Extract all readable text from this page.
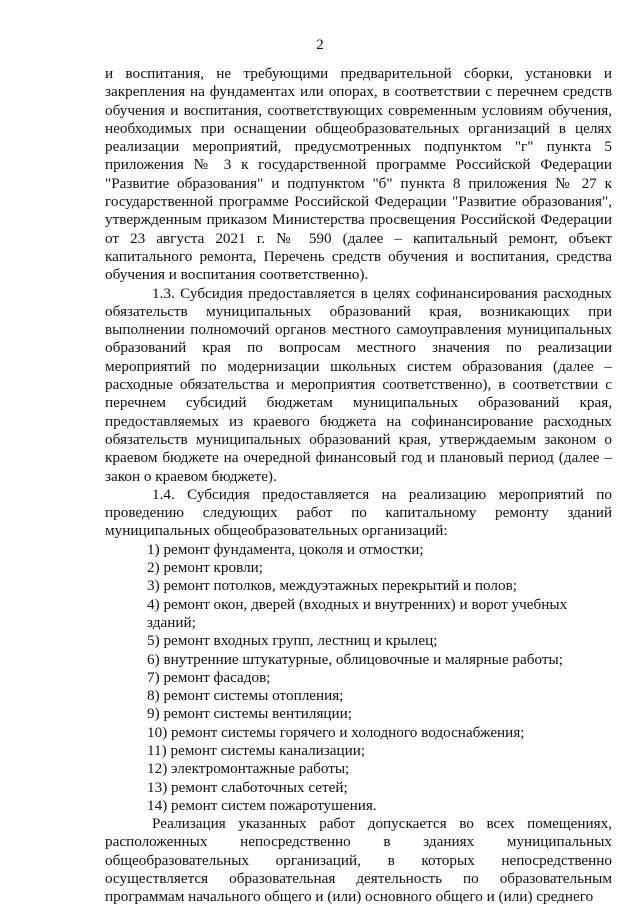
2

и воспитания, не требующими предварительной сборки, установки и закрепления на фундаментах или опорах, в соответствии с перечнем средств обучения и воспитания, соответствующих современным условиям обучения, необходимых при оснащении общеобразовательных организаций в целях реализации мероприятий, предусмотренных подпунктом "г" пункта 5 приложения № 3 к государственной программе Российской Федерации "Развитие образования" и подпунктом "б" пункта 8 приложения № 27 к государственной программе Российской Федерации "Развитие образования", утвержденным приказом Министерства просвещения Российской Федерации от 23 августа 2021 г. № 590 (далее – капитальный ремонт, объект капитального ремонта, Перечень средств обучения и воспитания, средства обучения и воспитания соответственно).

1.3. Субсидия предоставляется в целях софинансирования расходных обязательств муниципальных образований края, возникающих при выполнении полномочий органов местного самоуправления муниципальных образований края по вопросам местного значения по реализации мероприятий по модернизации школьных систем образования (далее – расходные обязательства и мероприятия соответственно), в соответствии с перечнем субсидий бюджетам муниципальных образований края, предоставляемых из краевого бюджета на софинансирование расходных обязательств муниципальных образований края, утверждаемым законом о краевом бюджете на очередной финансовый год и плановый период (далее – закон о краевом бюджете).

1.4. Субсидия предоставляется на реализацию мероприятий по проведению следующих работ по капитальному ремонту зданий муниципальных общеобразовательных организаций:

1) ремонт фундамента, цоколя и отмостки;
2) ремонт кровли;
3) ремонт потолков, междуэтажных перекрытий и полов;
4) ремонт окон, дверей (входных и внутренних) и ворот учебных зданий;
5) ремонт входных групп, лестниц и крылец;
6) внутренние штукатурные, облицовочные и малярные работы;
7) ремонт фасадов;
8) ремонт системы отопления;
9) ремонт системы вентиляции;
10) ремонт системы горячего и холодного водоснабжения;
11) ремонт системы канализации;
12) электромонтажные работы;
13) ремонт слаботочных сетей;
14) ремонт систем пожаротушения.

Реализация указанных работ допускается во всех помещениях, расположенных непосредственно в зданиях муниципальных общеобразовательных организаций, в которых непосредственно осуществляется образовательная деятельность по образовательным программам начального общего и (или) основного общего и (или) среднего
